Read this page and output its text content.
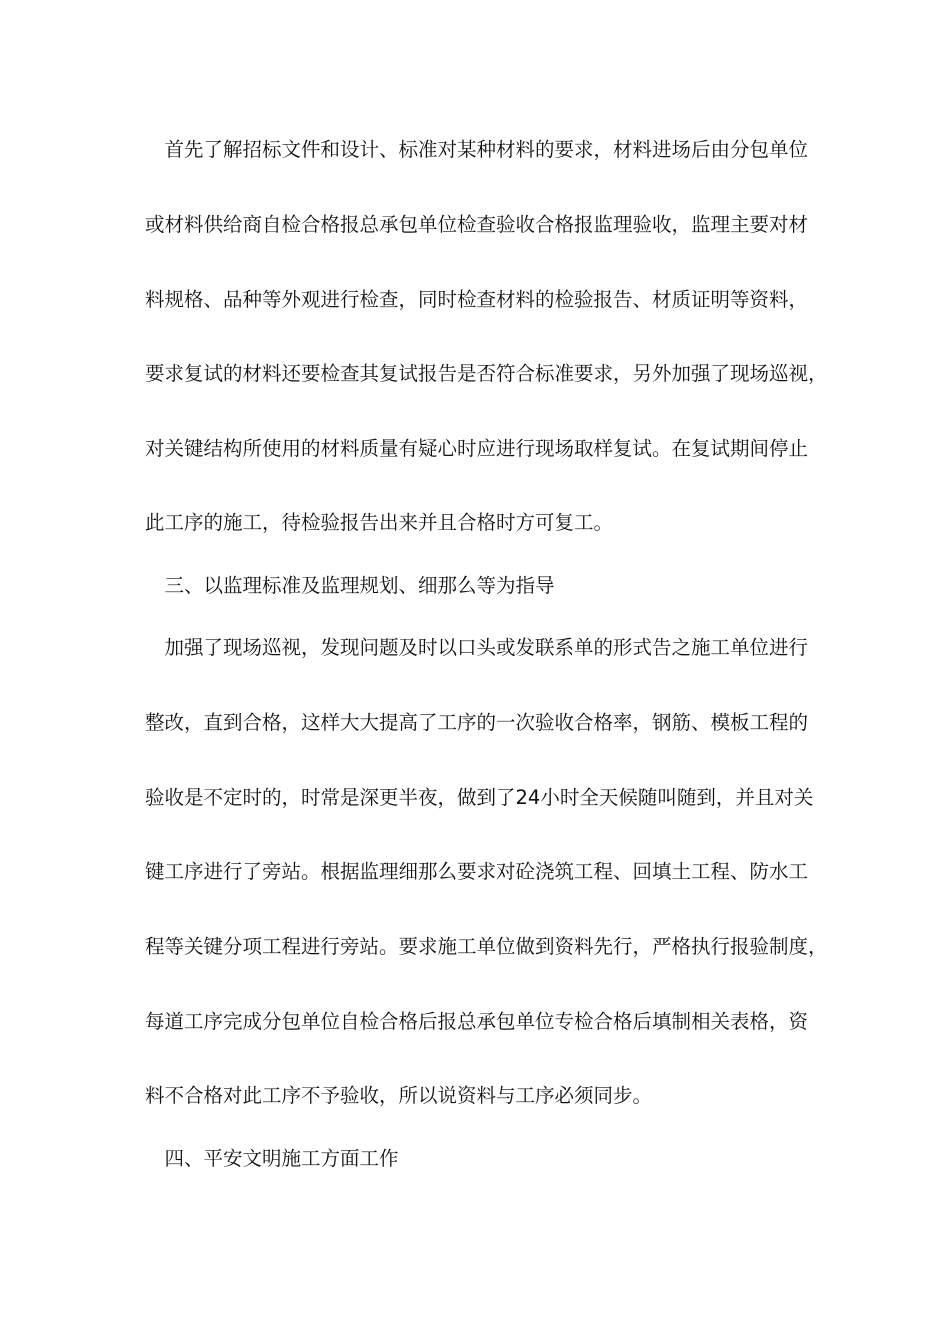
　首先了解招标文件和设计、标准对某种材料的要求，材料进场后由分包单位
或材料供给商自检合格报总承包单位检查验收合格报监理验收，监理主要对材
料规格、品种等外观进行检查，同时检查材料的检验报告、材质证明等资料，
要求复试的材料还要检查其复试报告是否符合标准要求，另外加强了现场巡视，
对关键结构所使用的材料质量有疑心时应进行现场取样复试。在复试期间停止
此工序的施工，待检验报告出来并且合格时方可复工。
　三、以监理标准及监理规划、细那么等为指导
　加强了现场巡视，发现问题及时以口头或发联系单的形式告之施工单位进行
整改，直到合格，这样大大提高了工序的一次验收合格率，钢筋、模板工程的
验收是不定时的，时常是深更半夜，做到了24小时全天候随叫随到，并且对关
键工序进行了旁站。根据监理细那么要求对砼浇筑工程、回填土工程、防水工
程等关键分项工程进行旁站。要求施工单位做到资料先行，严格执行报验制度，
每道工序完成分包单位自检合格后报总承包单位专检合格后填制相关表格，资
料不合格对此工序不予验收，所以说资料与工序必须同步。
　四、平安文明施工方面工作
